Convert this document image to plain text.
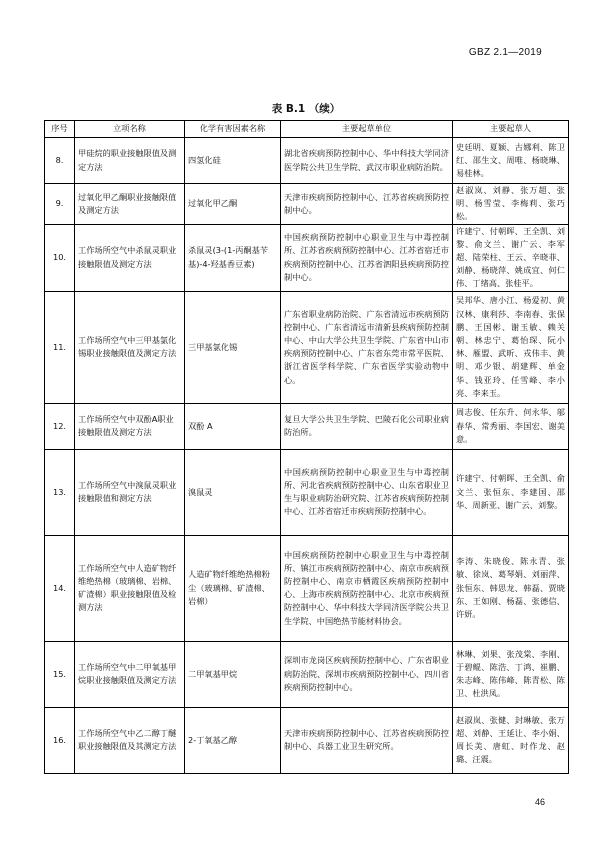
GBZ 2.1—2019
表 B.1 （续）
序号	立项名称	化学有害因素名称	主要起草单位	主要起草人
8.	甲硅烷的职业接触限值及测定方法	四氢化硅	湖北省疾病预防控制中心、华中科技大学同济医学院公共卫生学院、武汉市职业病防治院。	史廷明、夏颖、古娜利、陈卫红、邵生文、周唯、杨晓琳、易桂林。
9.	过氧化甲乙酮职业接触限值及测定方法	过氧化甲乙酮	天津市疾病预防控制中心、江苏省疾病预防控制中心。	赵淑岚、刘静、张万超、张明、杨雪莹、李梅莉、张巧松。
10.	工作场所空气中杀鼠灵职业接触限值及测定方法	杀鼠灵(3-(1-丙酮基苄基)-4-羟基香豆素)	中国疾病预防控制中心职业卫生与中毒控制所、江苏省疾病预防控制中心、江苏省宿迁市疾病预防控制中心、江苏省泗阳县疾病预防控制中心。	许建宁、付朝晖、王全凯、刘黎、俞文兰、谢广云、李军超、陆荣柱、王云、辛晓菲、刘静、杨晓萍、姚成宜、何仁伟、丁绪高、张桂平。
11.	工作场所空气中三甲基氯化锡职业接触限值及测定方法	三甲基氯化锡	广东省职业病防治院、广东省清远市疾病预防控制中心、广东省清远市清新县疾病预防控制中心、中山大学公共卫生学院、广东省中山市疾病预防控制中心、广东省东莞市常平医院、浙江省医学科学院、广东省医学实验动物中心。	吴邦华、唐小江、杨爱初、黄汉林、康利莎、李南春、张保鹏、王国彬、谢玉敏、赖关朝、林忠宁、葛怡琛、阮小林、雁盟、武昕、戎伟丰、黄明、邓少银、胡建辉、单金华、钱亚玲、任雪峰、李小亮、李来玉。
12.	工作场所空气中双酚A职业接触限值及测定方法	双酚 A	复旦大学公共卫生学院、巴陵石化公司职业病防治所。	周志俊、任东升、何永华、邬春华、常秀丽、李国宏、谢美意。
13.	工作场所空气中溴鼠灵职业接触限值和测定方法	溴鼠灵	中国疾病预防控制中心职业卫生与中毒控制所、河北省疾病预防控制中心、山东省职业卫生与职业病防治研究院、江苏省疾病预防控制中心、江苏省宿迁市疾病预防控制中心。	许建宁、付朝晖、王全凯、俞文兰、张恒东、李建国、邵华、周新亚、谢广云、刘黎。
14.	工作场所空气中人造矿物纤维绝热棉（玻璃棉、岩棉、矿渣棉）职业接触限值及检测方法	人造矿物纤维绝热棉粉尘（玻璃棉、矿渣棉、岩棉）	中国疾病预防控制中心职业卫生与中毒控制所、镇江市疾病预防控制中心、南京市疾病预防控制中心、南京市栖霞区疾病预防控制中心、上海市疾病预防控制中心、北京市疾病预防控制中心、华中科技大学同济医学院公共卫生学院、中国绝热节能材料协会。	李涛、朱晓俊、陈永青、张敏、徐岚、葛琴娟、刘丽萍、张恒东、韩思龙、韩磊、贾晓东、王如刚、杨磊、张德信、许妍。
15.	工作场所空气中二甲氧基甲烷职业接触限值及测定方法	二甲氧基甲烷	深圳市龙岗区疾病预防控制中心、广东省职业病防治院、深圳市疾病预防控制中心、四川省疾病预防控制中心。	林琳、刘果、张茂棠、李刚、于碧鲲、陈浩、丁鸿、崔鹏、朱志峰、陈伟峰、陈青松、陈卫、杜洪凤。
16.	工作场所空气中乙二醇丁醚职业接触限值及其测定方法	2-丁氧基乙醇	天津市疾病预防控制中心、江苏省疾病预防控制中心、兵器工业卫生研究所。	赵淑岚、张健、封琳敏、张万超、刘静、王延让、李小娟、周长美、唐虹、时作龙、赵璐、汪震。
46
